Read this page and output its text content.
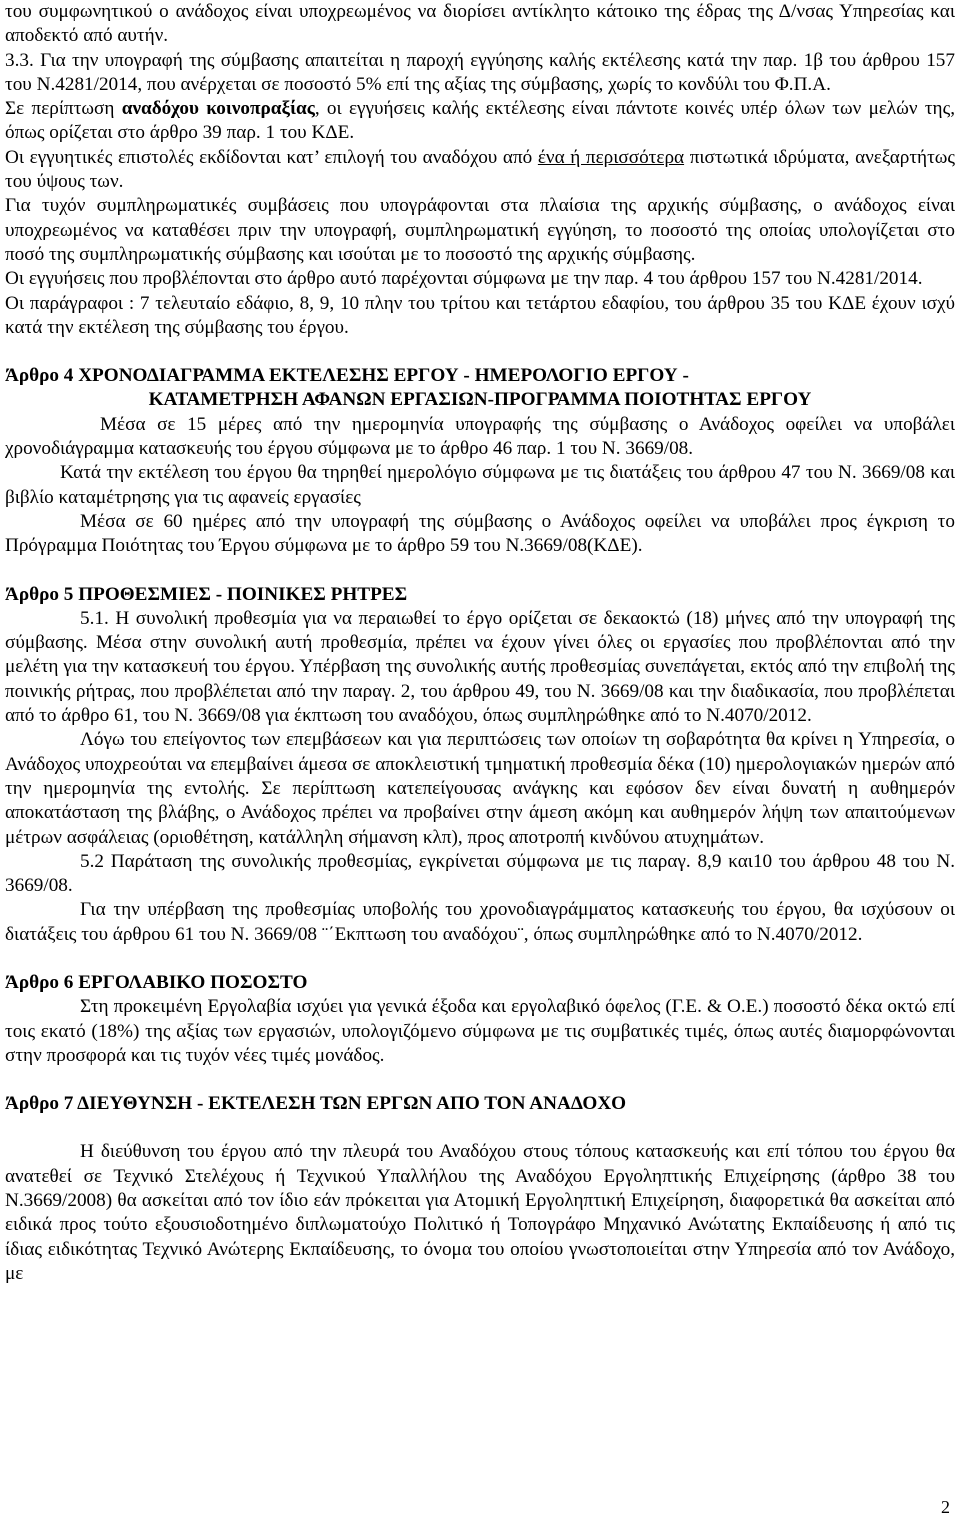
του συμφωνητικού ο ανάδοχος είναι υποχρεωμένος να διορίσει αντίκλητο κάτοικο της έδρας της Δ/νσας Υπηρεσίας και αποδεκτό από αυτήν.

3.3. Για την υπογραφή της σύμβασης απαιτείται η παροχή εγγύησης καλής εκτέλεσης κατά την παρ. 1β του άρθρου 157 του Ν.4281/2014, που ανέρχεται σε ποσοστό 5% επί της αξίας της σύμβασης, χωρίς το κονδύλι του Φ.Π.Α.

Σε περίπτωση αναδόχου κοινοπραξίας, οι εγγυήσεις καλής εκτέλεσης είναι πάντοτε κοινές υπέρ όλων των μελών της, όπως ορίζεται στο άρθρο 39 παρ. 1 του ΚΔΕ.

Οι εγγυητικές επιστολές εκδίδονται κατ’ επιλογή του αναδόχου από ένα ή περισσότερα πιστωτικά ιδρύματα, ανεξαρτήτως του ύψους των.

Για τυχόν συμπληρωματικές συμβάσεις που υπογράφονται στα πλαίσια της αρχικής σύμβασης, ο ανάδοχος είναι υποχρεωμένος να καταθέσει πριν την υπογραφή, συμπληρωματική εγγύηση, το ποσοστό της οποίας υπολογίζεται στο ποσό της συμπληρωματικής σύμβασης και ισούται με το ποσοστό της αρχικής σύμβασης.

Οι εγγυήσεις που προβλέπονται στο άρθρο αυτό παρέχονται σύμφωνα με την παρ. 4 του άρθρου 157 του Ν.4281/2014.

Οι παράγραφοι : 7 τελευταίο εδάφιο, 8, 9, 10 πλην του τρίτου και τετάρτου εδαφίου, του άρθρου 35 του ΚΔΕ έχουν ισχύ κατά την εκτέλεση της σύμβασης του έργου.

Άρθρο 4 ΧΡΟΝΟΔΙΑΓΡΑΜΜΑ ΕΚΤΕΛΕΣΗΣ ΕΡΓΟΥ - ΗΜΕΡΟΛΟΓΙΟ ΕΡΓΟΥ -
ΚΑΤΑΜΕΤΡΗΣΗ ΑΦΑΝΩΝ ΕΡΓΑΣΙΩΝ-ΠΡΟΓΡΑΜΜΑ ΠΟΙΟΤΗΤΑΣ ΕΡΓΟΥ

Μέσα σε 15 μέρες από την ημερομηνία υπογραφής της σύμβασης ο Ανάδοχος οφείλει να υποβάλει χρονοδιάγραμμα κατασκευής του έργου σύμφωνα με το άρθρο 46 παρ. 1 του Ν. 3669/08.

Κατά την εκτέλεση του έργου θα τηρηθεί ημερολόγιο σύμφωνα με τις διατάξεις του άρθρου 47 του Ν. 3669/08 και βιβλίο καταμέτρησης για τις αφανείς εργασίες

Μέσα σε 60 ημέρες από την υπογραφή της σύμβασης ο Ανάδοχος οφείλει να υποβάλει προς έγκριση το Πρόγραμμα Ποιότητας του Έργου σύμφωνα με το άρθρο 59 του Ν.3669/08(ΚΔΕ).

Άρθρο 5 ΠΡΟΘΕΣΜΙΕΣ - ΠΟΙΝΙΚΕΣ ΡΗΤΡΕΣ

5.1. Η συνολική προθεσμία για να περαιωθεί το έργο ορίζεται σε δεκαοκτώ (18) μήνες από την υπογραφή της σύμβασης. Μέσα στην συνολική αυτή προθεσμία, πρέπει να έχουν γίνει όλες οι εργασίες που προβλέπονται από την μελέτη για την κατασκευή του έργου. Υπέρβαση της συνολικής αυτής προθεσμίας συνεπάγεται, εκτός από την επιβολή της ποινικής ρήτρας, που προβλέπεται από την παραγ. 2, του άρθρου 49, του Ν. 3669/08 και την διαδικασία, που προβλέπεται από το άρθρο 61, του Ν. 3669/08 για έκπτωση του αναδόχου, όπως συμπληρώθηκε από το Ν.4070/2012.

Λόγω του επείγοντος των επεμβάσεων και για περιπτώσεις των οποίων τη σοβαρότητα θα κρίνει η Υπηρεσία, ο Ανάδοχος υποχρεούται να επεμβαίνει άμεσα σε αποκλειστική τμηματική προθεσμία δέκα (10) ημερολογιακών ημερών από την ημερομηνία της εντολής. Σε περίπτωση κατεπείγουσας ανάγκης και εφόσον δεν είναι δυνατή η αυθημερόν αποκατάσταση της βλάβης, ο Ανάδοχος πρέπει να προβαίνει στην άμεση ακόμη και αυθημερόν λήψη των απαιτούμενων μέτρων ασφάλειας (οριοθέτηση, κατάλληλη σήμανση κλπ), προς αποτροπή κινδύνου ατυχημάτων.

5.2 Παράταση της συνολικής προθεσμίας, εγκρίνεται σύμφωνα με τις παραγ. 8,9 και10 του άρθρου 48 του Ν. 3669/08.

Για την υπέρβαση της προθεσμίας υποβολής του χρονοδιαγράμματος κατασκευής του έργου, θα ισχύσουν οι διατάξεις του άρθρου 61 του Ν. 3669/08 ¨΄Εκπτωση του αναδόχου¨, όπως συμπληρώθηκε από το Ν.4070/2012.

Άρθρο 6 ΕΡΓΟΛΑΒΙΚΟ ΠΟΣΟΣΤΟ

Στη προκειμένη Εργολαβία ισχύει για γενικά έξοδα και εργολαβικό όφελος (Γ.Ε. & Ο.Ε.) ποσοστό δέκα οκτώ επί τοις εκατό (18%) της αξίας των εργασιών, υπολογιζόμενο σύμφωνα με τις συμβατικές τιμές, όπως αυτές διαμορφώνονται στην προσφορά και τις τυχόν νέες τιμές μονάδος.

Άρθρο 7 ΔΙΕΥΘΥΝΣΗ - ΕΚΤΕΛΕΣΗ ΤΩΝ ΕΡΓΩΝ ΑΠΟ ΤΟΝ ΑΝΑΔΟΧΟ

Η διεύθυνση του έργου από την πλευρά του Αναδόχου στους τόπους κατασκευής και επί τόπου του έργου θα ανατεθεί σε Τεχνικό Στελέχους ή Τεχνικού Υπαλλήλου της Αναδόχου Εργοληπτικής Επιχείρησης (άρθρο 38 του Ν.3669/2008) θα ασκείται από τον ίδιο εάν πρόκειται για Ατομική Εργοληπτική Επιχείρηση, διαφορετικά θα ασκείται από ειδικά προς τούτο εξουσιοδοτημένο διπλωματούχο Πολιτικό ή Τοπογράφο Μηχανικό Ανώτατης Εκπαίδευσης ή από τις ίδιας ειδικότητας Τεχνικό Ανώτερης Εκπαίδευσης, το όνομα του οποίου γνωστοποιείται στην Υπηρεσία από τον Ανάδοχο, με

2
